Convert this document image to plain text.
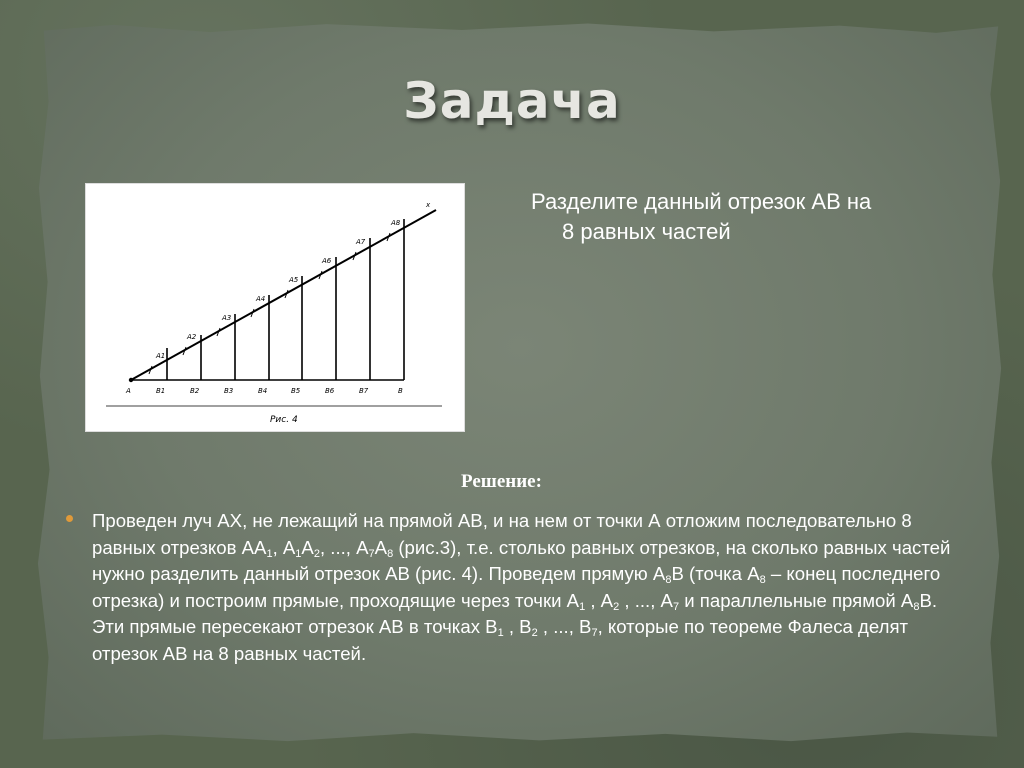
Задача
A	B
x
A1
A2
A3
A4
A5
A6
A7
A8
B1	B2	B3	B4	B5	B6	B7
Рис. 4
Разделите данный отрезок АВ на
8 равных частей
Решение:
Проведен луч АХ, не лежащий на прямой АВ, и на нем от точки А отложим последовательно 8 равных отрезков $АА_1$, $А_1А_2$, ..., $А_7А_8$ (рис.3), т.е. столько равных отрезков, на сколько равных частей нужно разделить данный отрезок АВ (рис. 4). Проведем прямую $А_8В$ (точка $А_8$ – конец последнего отрезка) и построим прямые, проходящие через точки $А_1$ , $А_2$ , ..., $А_7$ и параллельные прямой $А_8В$. Эти прямые пересекают отрезок АВ в точках $В_1$ , $В_2$ , ..., $В_7$, которые по теореме Фалеса делят отрезок АВ на 8 равных частей.
